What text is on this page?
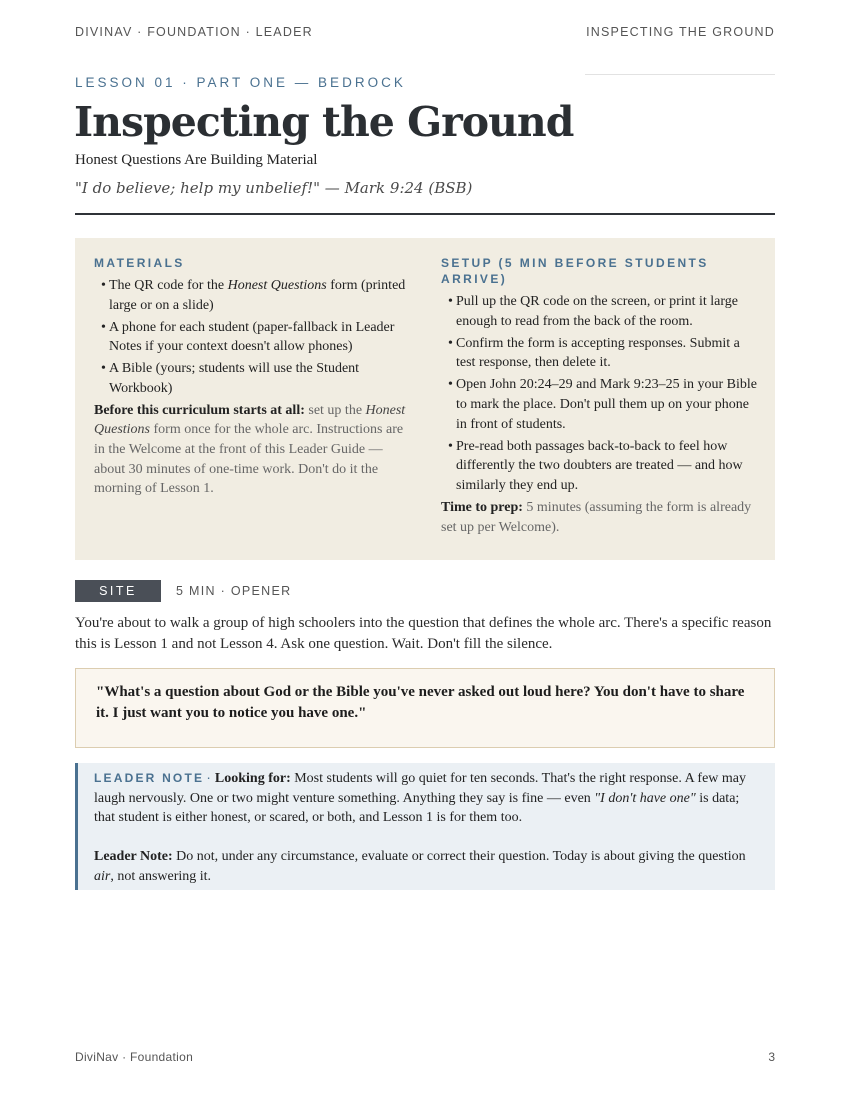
DIVINAV · FOUNDATION · LEADER	INSPECTING THE GROUND
LESSON 01 · PART ONE — BEDROCK
Inspecting the Ground
Honest Questions Are Building Material
"I do believe; help my unbelief!" — Mark 9:24 (BSB)
MATERIALS
• The QR code for the Honest Questions form (printed large or on a slide)
• A phone for each student (paper-fallback in Leader Notes if your context doesn't allow phones)
• A Bible (yours; students will use the Student Workbook)

Before this curriculum starts at all: set up the Honest Questions form once for the whole arc. Instructions are in the Welcome at the front of this Leader Guide — about 30 minutes of one-time work. Don't do it the morning of Lesson 1.

SETUP (5 MIN BEFORE STUDENTS ARRIVE)
• Pull up the QR code on the screen, or print it large enough to read from the back of the room.
• Confirm the form is accepting responses. Submit a test response, then delete it.
• Open John 20:24–29 and Mark 9:23–25 in your Bible to mark the place. Don't pull them up on your phone in front of students.
• Pre-read both passages back-to-back to feel how differently the two doubters are treated — and how similarly they end up.

Time to prep: 5 minutes (assuming the form is already set up per Welcome).

SITE	5 MIN · OPENER

You're about to walk a group of high schoolers into the question that defines the whole arc. There's a specific reason this is Lesson 1 and not Lesson 4. Ask one question. Wait. Don't fill the silence.

"What's a question about God or the Bible you've never asked out loud here? You don't have to share it. I just want you to notice you have one."

LEADER NOTE · Looking for: Most students will go quiet for ten seconds. That's the right response. A few may laugh nervously. One or two might venture something. Anything they say is fine — even "I don't have one" is data; that student is either honest, or scared, or both, and Lesson 1 is for them too.

Leader Note: Do not, under any circumstance, evaluate or correct their question. Today is about giving the question air, not answering it.

DiviNav · Foundation	3
